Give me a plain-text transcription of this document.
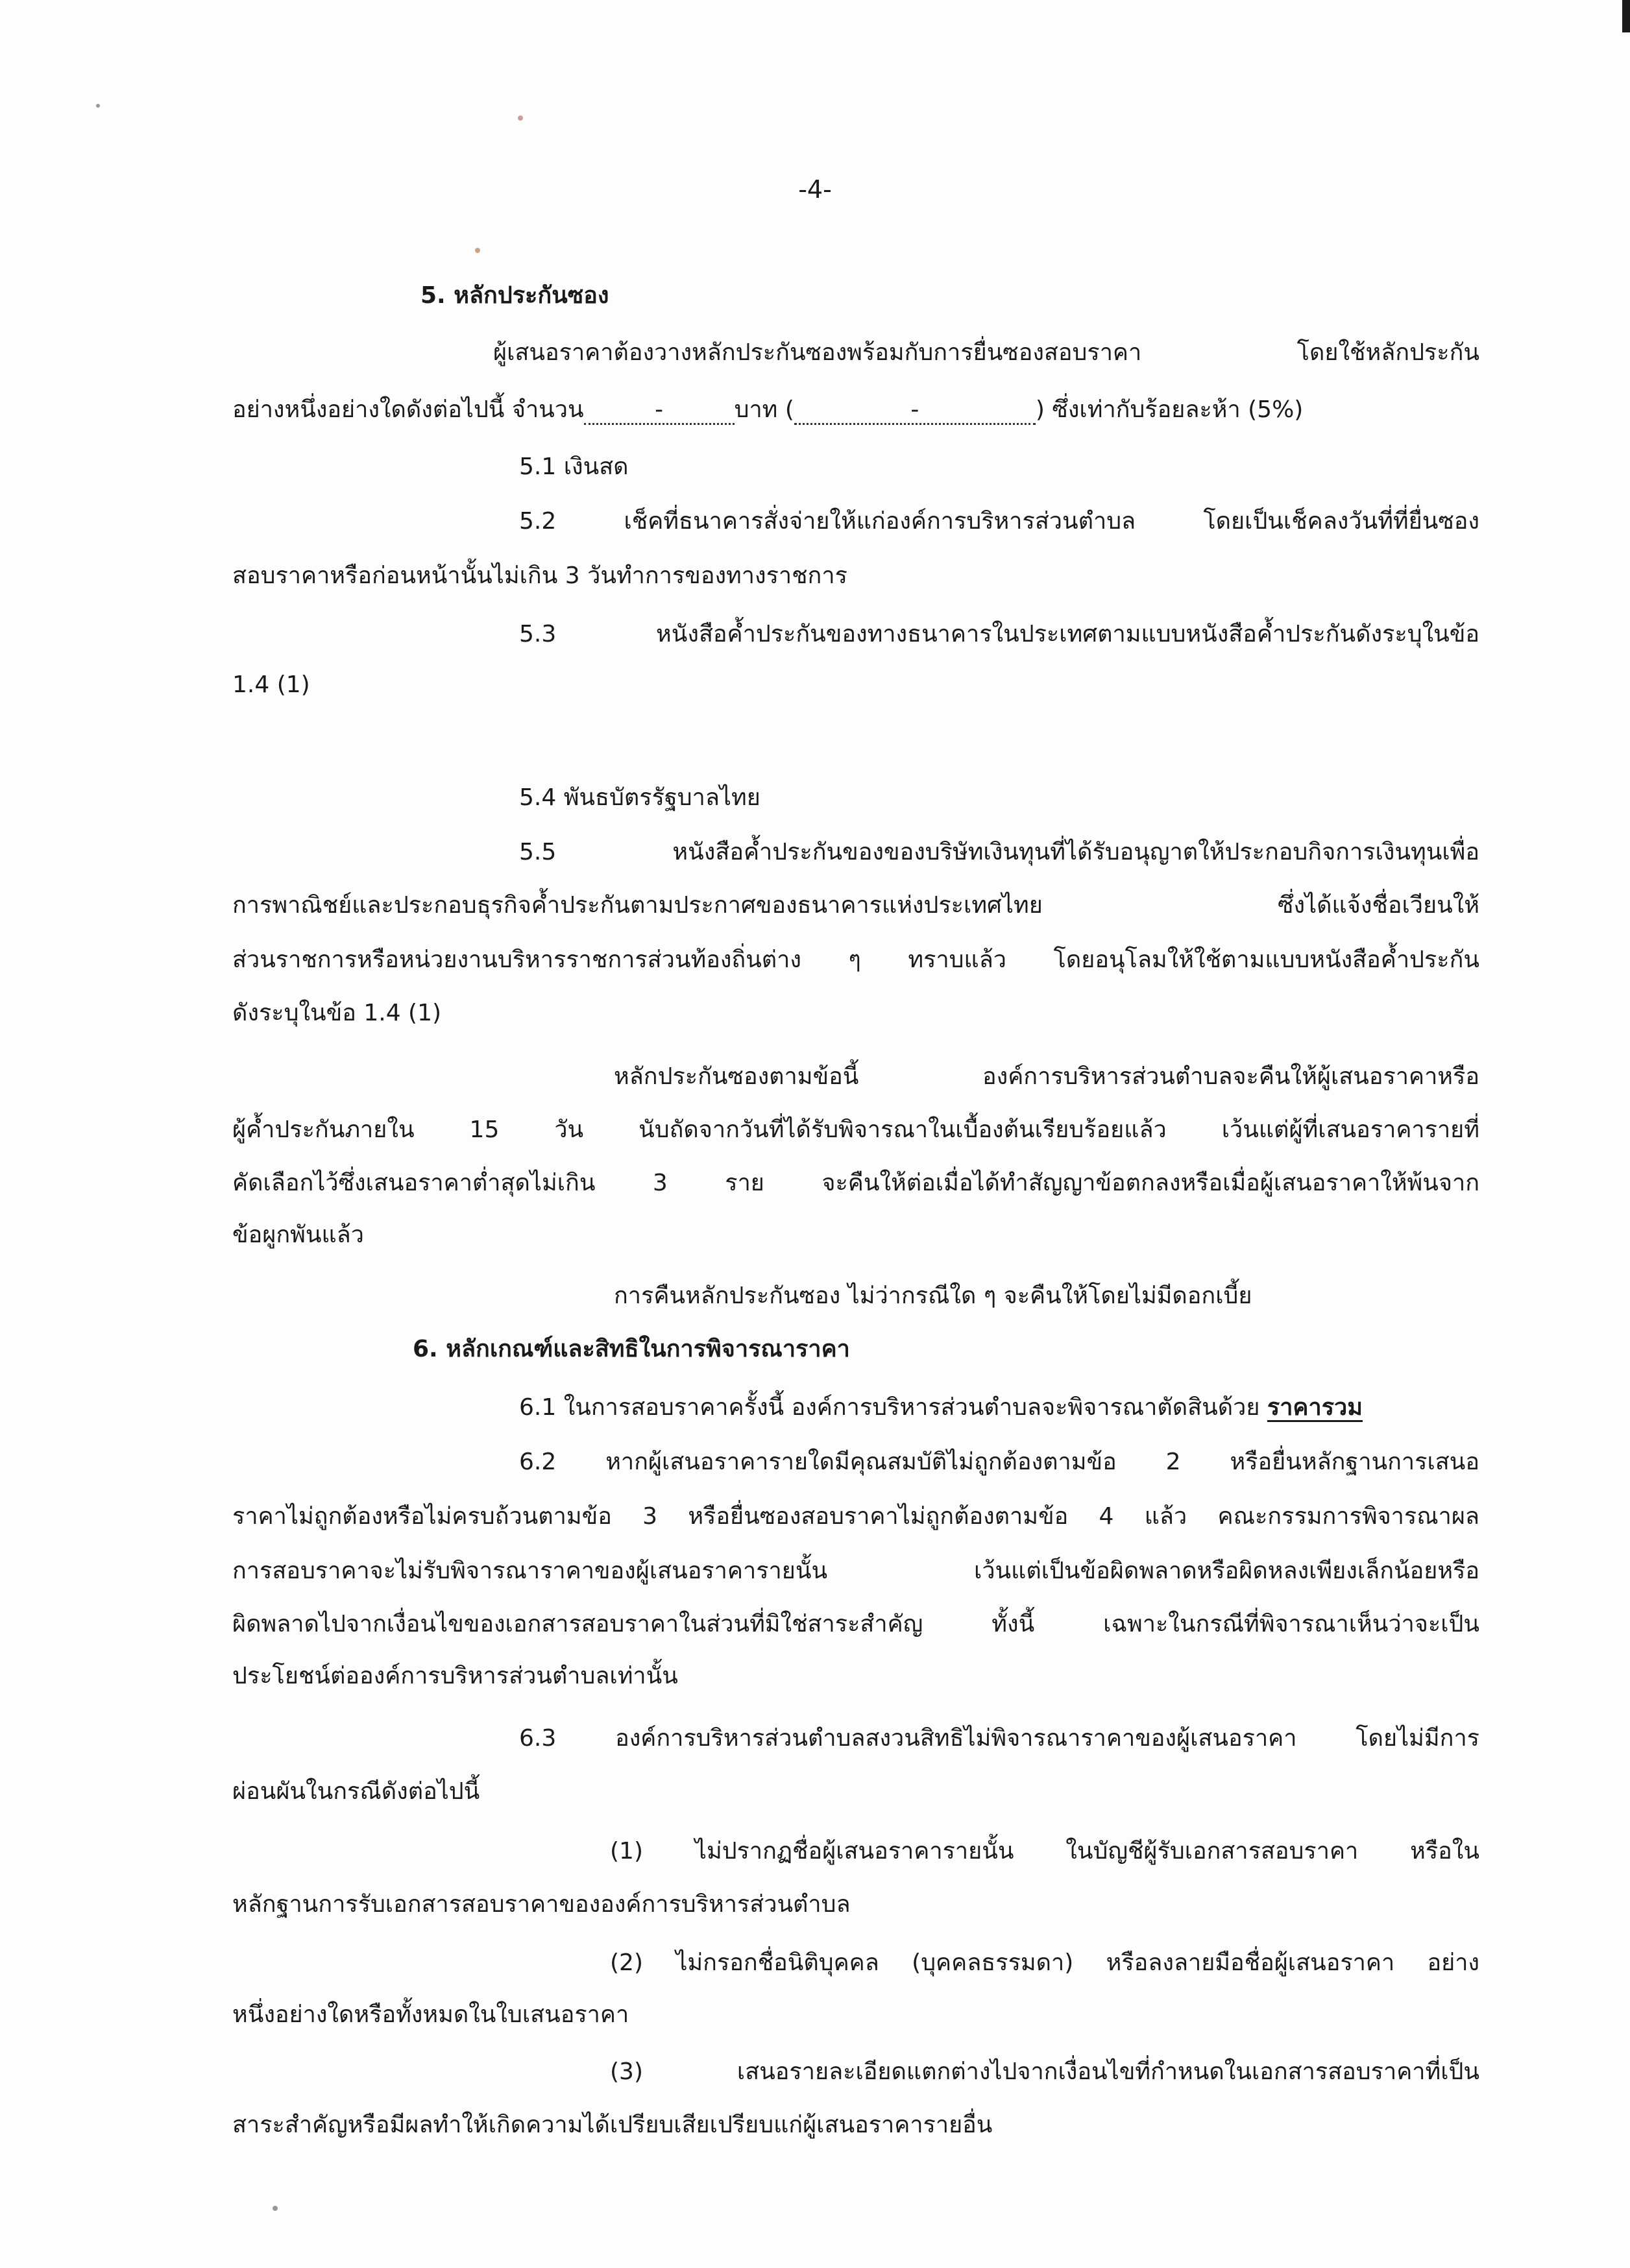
-4-
5. หลักประกันซอง
ผู้เสนอราคาต้องวางหลักประกันซองพร้อมกับการยื่นซองสอบราคา โดยใช้หลักประกัน
อย่างหนึ่งอย่างใดดังต่อไปนี้ จำนวน	-	บาท (	-	) ซึ่งเท่ากับร้อยละห้า (5%)
5.1 เงินสด
5.2 เช็คที่ธนาคารสั่งจ่ายให้แก่องค์การบริหารส่วนตำบล โดยเป็นเช็คลงวันที่ที่ยื่นซอง
สอบราคาหรือก่อนหน้านั้นไม่เกิน 3 วันทำการของทางราชการ
5.3 หนังสือค้ำประกันของทางธนาคารในประเทศตามแบบหนังสือค้ำประกันดังระบุในข้อ
1.4 (1)
5.4 พันธบัตรรัฐบาลไทย
5.5 หนังสือค้ำประกันของของบริษัทเงินทุนที่ได้รับอนุญาตให้ประกอบกิจการเงินทุนเพื่อ
การพาณิชย์และประกอบธุรกิจค้ำประกันตามประกาศของธนาคารแห่งประเทศไทย ซึ่งได้แจ้งชื่อเวียนให้
ส่วนราชการหรือหน่วยงานบริหารราชการส่วนท้องถิ่นต่าง ๆ ทราบแล้ว โดยอนุโลมให้ใช้ตามแบบหนังสือค้ำประกัน
ดังระบุในข้อ 1.4 (1)
หลักประกันซองตามข้อนี้ องค์การบริหารส่วนตำบลจะคืนให้ผู้เสนอราคาหรือ
ผู้ค้ำประกันภายใน 15 วัน นับถัดจากวันที่ได้รับพิจารณาในเบื้องต้นเรียบร้อยแล้ว เว้นแต่ผู้ที่เสนอราคารายที่
คัดเลือกไว้ซึ่งเสนอราคาต่ำสุดไม่เกิน 3 ราย จะคืนให้ต่อเมื่อได้ทำสัญญาข้อตกลงหรือเมื่อผู้เสนอราคาให้พ้นจาก
ข้อผูกพันแล้ว
การคืนหลักประกันซอง ไม่ว่ากรณีใด ๆ จะคืนให้โดยไม่มีดอกเบี้ย
6. หลักเกณฑ์และสิทธิในการพิจารณาราคา
6.1 ในการสอบราคาครั้งนี้ องค์การบริหารส่วนตำบลจะพิจารณาตัดสินด้วย ราคารวม
6.2 หากผู้เสนอราคารายใดมีคุณสมบัติไม่ถูกต้องตามข้อ 2 หรือยื่นหลักฐานการเสนอ
ราคาไม่ถูกต้องหรือไม่ครบถ้วนตามข้อ 3 หรือยื่นซองสอบราคาไม่ถูกต้องตามข้อ 4 แล้ว คณะกรรมการพิจารณาผล
การสอบราคาจะไม่รับพิจารณาราคาของผู้เสนอราคารายนั้น เว้นแต่เป็นข้อผิดพลาดหรือผิดหลงเพียงเล็กน้อยหรือ
ผิดพลาดไปจากเงื่อนไขของเอกสารสอบราคาในส่วนที่มิใช่สาระสำคัญ ทั้งนี้ เฉพาะในกรณีที่พิจารณาเห็นว่าจะเป็น
ประโยชน์ต่อองค์การบริหารส่วนตำบลเท่านั้น
6.3 องค์การบริหารส่วนตำบลสงวนสิทธิไม่พิจารณาราคาของผู้เสนอราคา โดยไม่มีการ
ผ่อนผันในกรณีดังต่อไปนี้
(1) ไม่ปรากฏชื่อผู้เสนอราคารายนั้น ในบัญชีผู้รับเอกสารสอบราคา หรือใน
หลักฐานการรับเอกสารสอบราคาขององค์การบริหารส่วนตำบล
(2) ไม่กรอกชื่อนิติบุคคล (บุคคลธรรมดา) หรือลงลายมือชื่อผู้เสนอราคา อย่าง
หนึ่งอย่างใดหรือทั้งหมดในใบเสนอราคา
(3) เสนอรายละเอียดแตกต่างไปจากเงื่อนไขที่กำหนดในเอกสารสอบราคาที่เป็น
สาระสำคัญหรือมีผลทำให้เกิดความได้เปรียบเสียเปรียบแก่ผู้เสนอราคารายอื่น
